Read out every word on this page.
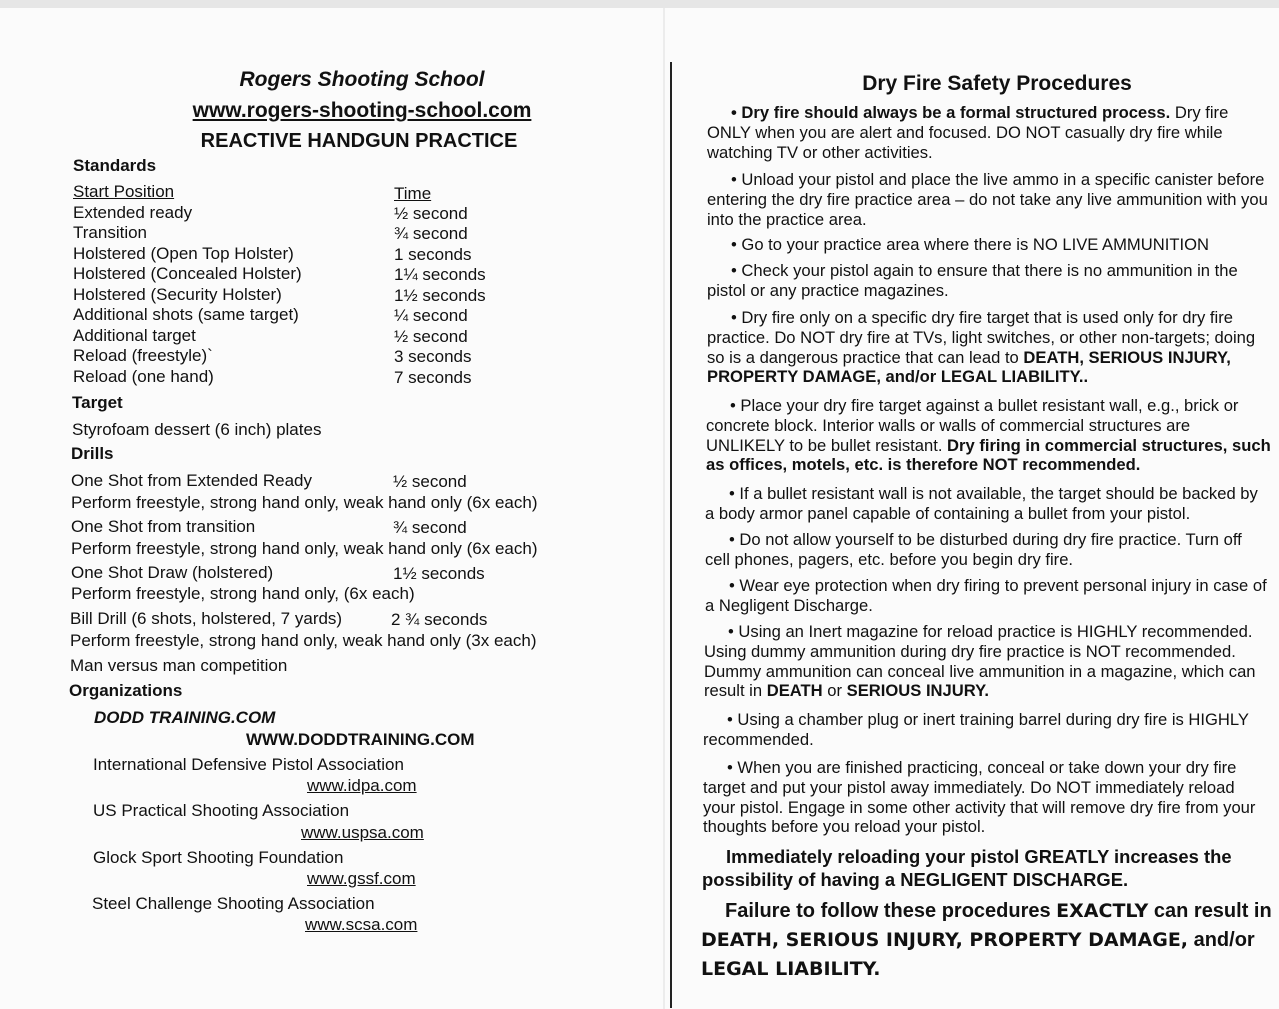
Rogers Shooting School
www.rogers-shooting-school.com
REACTIVE HANDGUN PRACTICE
Standards
Start Position	Time
Extended ready	½ second
Transition	¾ second
Holstered (Open Top Holster)	1 seconds
Holstered (Concealed Holster)	1¼ seconds
Holstered (Security Holster)	1½ seconds
Additional shots (same target)	¼ second
Additional target	½ second
Reload (freestyle)`	3 seconds
Reload (one hand)	7 seconds
Target
Styrofoam dessert (6 inch) plates
Drills
One Shot from Extended Ready	½ second
Perform freestyle, strong hand only, weak hand only (6x each)
One Shot from transition	¾ second
Perform freestyle, strong hand only, weak hand only (6x each)
One Shot Draw (holstered)	1½ seconds
Perform freestyle, strong hand only, (6x each)
Bill Drill (6 shots, holstered, 7 yards)	2 ¾ seconds
Perform freestyle, strong hand only, weak hand only (3x each)
Man versus man competition
Organizations
DODD TRAINING.COM
WWW.DODDTRAINING.COM
International Defensive Pistol Association
www.idpa.com
US Practical Shooting Association
www.uspsa.com
Glock Sport Shooting Foundation
www.gssf.com
Steel Challenge Shooting Association
www.scsa.com
Dry Fire Safety Procedures

• Dry fire should always be a formal structured process. Dry fire ONLY when you are alert and focused. DO NOT casually dry fire while watching TV or other activities.

• Unload your pistol and place the live ammo in a specific canister before entering the dry fire practice area – do not take any live ammunition with you into the practice area.

• Go to your practice area where there is NO LIVE AMMUNITION

• Check your pistol again to ensure that there is no ammunition in the pistol or any practice magazines.

• Dry fire only on a specific dry fire target that is used only for dry fire practice. Do NOT dry fire at TVs, light switches, or other non-targets; doing so is a dangerous practice that can lead to DEATH, SERIOUS INJURY, PROPERTY DAMAGE, and/or LEGAL LIABILITY..

• Place your dry fire target against a bullet resistant wall, e.g., brick or concrete block. Interior walls or walls of commercial structures are UNLIKELY to be bullet resistant. Dry firing in commercial structures, such as offices, motels, etc. is therefore NOT recommended.

• If a bullet resistant wall is not available, the target should be backed by a body armor panel capable of containing a bullet from your pistol.

• Do not allow yourself to be disturbed during dry fire practice. Turn off cell phones, pagers, etc. before you begin dry fire.

• Wear eye protection when dry firing to prevent personal injury in case of a Negligent Discharge.

• Using an Inert magazine for reload practice is HIGHLY recommended. Using dummy ammunition during dry fire practice is NOT recommended. Dummy ammunition can conceal live ammunition in a magazine, which can result in DEATH or SERIOUS INJURY.

• Using a chamber plug or inert training barrel during dry fire is HIGHLY recommended.

• When you are finished practicing, conceal or take down your dry fire target and put your pistol away immediately. Do NOT immediately reload your pistol. Engage in some other activity that will remove dry fire from your thoughts before you reload your pistol.

Immediately reloading your pistol GREATLY increases the possibility of having a NEGLIGENT DISCHARGE.

Failure to follow these procedures EXACTLY can result in DEATH, SERIOUS INJURY, PROPERTY DAMAGE, and/or LEGAL LIABILITY.
